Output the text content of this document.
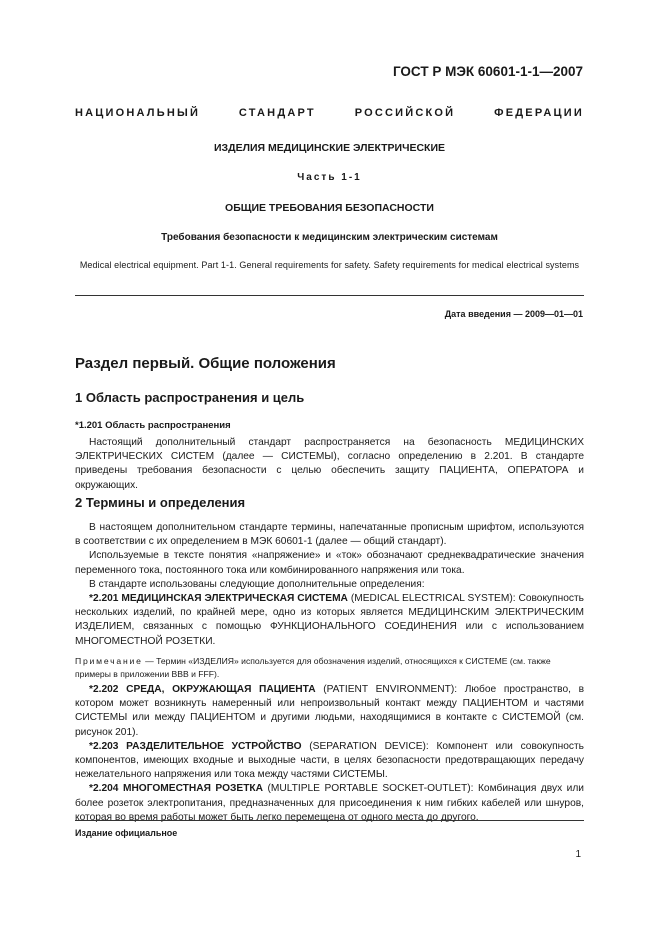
ГОСТ Р МЭК 60601-1-1—2007
НАЦИОНАЛЬНЫЙ СТАНДАРТ РОССИЙСКОЙ ФЕДЕРАЦИИ
ИЗДЕЛИЯ МЕДИЦИНСКИЕ ЭЛЕКТРИЧЕСКИЕ
Часть 1-1
ОБЩИЕ ТРЕБОВАНИЯ БЕЗОПАСНОСТИ
Требования безопасности к медицинским электрическим системам
Medical electrical equipment. Part 1-1. General requirements for safety. Safety requirements for medical electrical systems
Дата введения — 2009—01—01
Раздел первый. Общие положения
1 Область распространения и цель
*1.201 Область распространения

Настоящий дополнительный стандарт распространяется на безопасность МЕДИЦИНСКИХ ЭЛЕКТРИЧЕСКИХ СИСТЕМ (далее — СИСТЕМЫ), согласно определению в 2.201. В стандарте приведены требования безопасности с целью обеспечить защиту ПАЦИЕНТА, ОПЕРАТОРА и окружающих.

2 Термины и определения

В настоящем дополнительном стандарте термины, напечатанные прописным шрифтом, используются в соответствии с их определением в МЭК 60601-1 (далее — общий стандарт).

Используемые в тексте понятия «напряжение» и «ток» обозначают среднеквадратические значения переменного тока, постоянного тока или комбинированного напряжения или тока.

В стандарте использованы следующие дополнительные определения:

*2.201 МЕДИЦИНСКАЯ ЭЛЕКТРИЧЕСКАЯ СИСТЕМА (MEDICAL ELECTRICAL SYSTEM): Совокупность нескольких изделий, по крайней мере, одно из которых является МЕДИЦИНСКИМ ЭЛЕКТРИЧЕСКИМ ИЗДЕЛИЕМ, связанных с помощью ФУНКЦИОНАЛЬНОГО СОЕДИНЕНИЯ или с использованием МНОГОМЕСТНОЙ РОЗЕТКИ.

Примечание — Термин «ИЗДЕЛИЯ» используется для обозначения изделий, относящихся к СИСТЕМЕ (см. также примеры в приложении ВВВ и FFF).

*2.202 СРЕДА, ОКРУЖАЮЩАЯ ПАЦИЕНТА (PATIENT ENVIRONMENT): Любое пространство, в котором может возникнуть намеренный или непроизвольный контакт между ПАЦИЕНТОМ и частями СИСТЕМЫ или между ПАЦИЕНТОМ и другими людьми, находящимися в контакте с СИСТЕМОЙ (см. рисунок 201).

*2.203 РАЗДЕЛИТЕЛЬНОЕ УСТРОЙСТВО (SEPARATION DEVICE): Компонент или совокупность компонентов, имеющих входные и выходные части, в целях безопасности предотвращающих передачу нежелательного напряжения или тока между частями СИСТЕМЫ.

*2.204 МНОГОМЕСТНАЯ РОЗЕТКА (MULTIPLE PORTABLE SOCKET-OUTLET): Комбинация двух или более розеток электропитания, предназначенных для присоединения к ним гибких кабелей или шнуров, которая во время работы может быть легко перемещена от одного места до другого.

Издание официальное
1
